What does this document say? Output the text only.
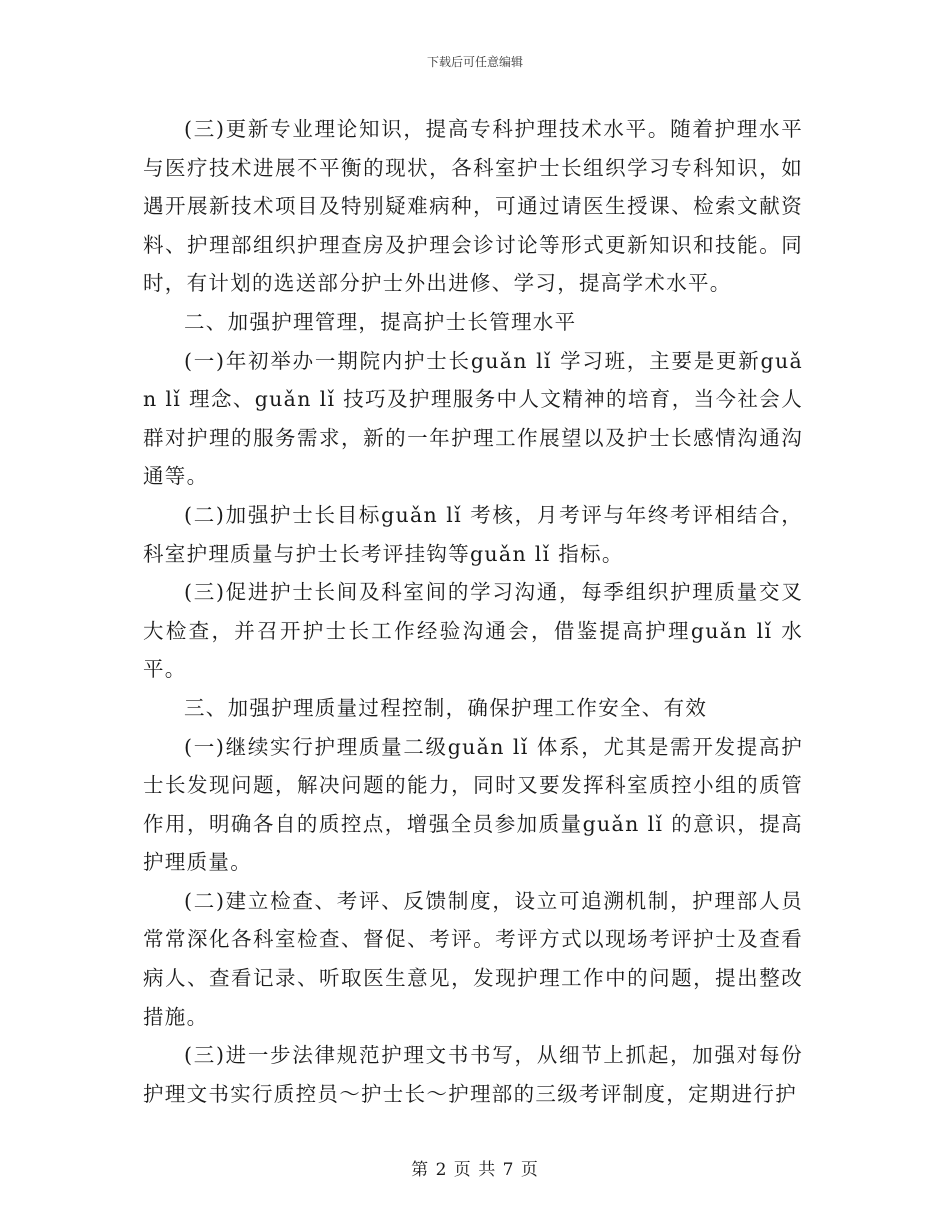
下载后可任意编辑

(三)更新专业理论知识，提高专科护理技术水平。随着护理水平与医疗技术进展不平衡的现状，各科室护士长组织学习专科知识，如遇开展新技术项目及特别疑难病种，可通过请医生授课、检索文献资料、护理部组织护理查房及护理会诊讨论等形式更新知识和技能。同时，有计划的选送部分护士外出进修、学习，提高学术水平。

二、加强护理管理，提高护士长管理水平

(一)年初举办一期院内护士长guǎn lǐ 学习班，主要是更新guǎn lǐ 理念、guǎn lǐ 技巧及护理服务中人文精神的培育，当今社会人群对护理的服务需求，新的一年护理工作展望以及护士长感情沟通沟通等。

(二)加强护士长目标guǎn lǐ 考核，月考评与年终考评相结合，科室护理质量与护士长考评挂钩等guǎn lǐ 指标。

(三)促进护士长间及科室间的学习沟通，每季组织护理质量交叉大检查，并召开护士长工作经验沟通会，借鉴提高护理guǎn lǐ 水平。

三、加强护理质量过程控制，确保护理工作安全、有效

(一)继续实行护理质量二级guǎn lǐ 体系，尤其是需开发提高护士长发现问题，解决问题的能力，同时又要发挥科室质控小组的质管作用，明确各自的质控点，增强全员参加质量guǎn lǐ 的意识，提高护理质量。

(二)建立检查、考评、反馈制度，设立可追溯机制，护理部人员常常深化各科室检查、督促、考评。考评方式以现场考评护士及查看病人、查看记录、听取医生意见，发现护理工作中的问题，提出整改措施。

(三)进一步法律规范护理文书书写，从细节上抓起，加强对每份护理文书实行质控员～护士长～护理部的三级考评制度，定期进行护

第 2 页 共 7 页
